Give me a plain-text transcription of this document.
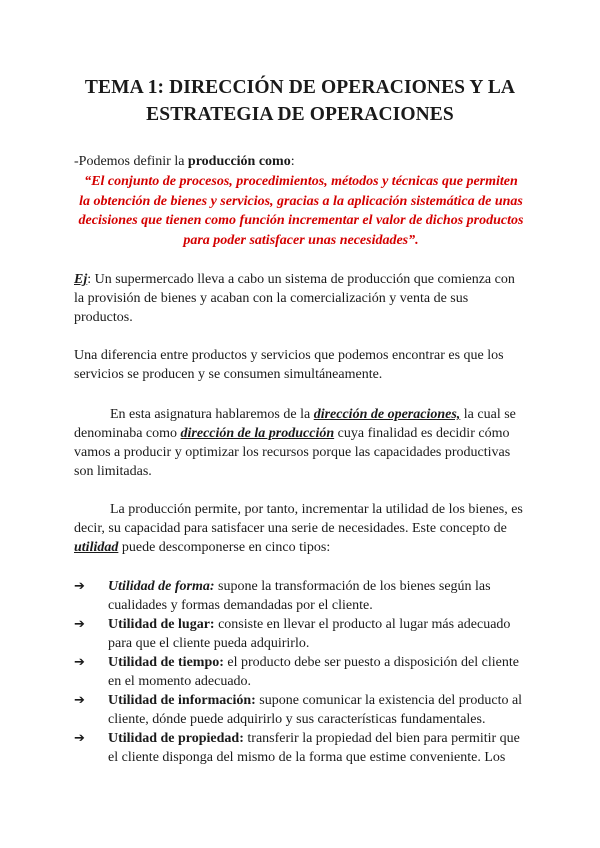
TEMA 1: DIRECCIÓN DE OPERACIONES Y LA
ESTRATEGIA DE OPERACIONES
-Podemos definir la producción como:
“El conjunto de procesos, procedimientos, métodos y técnicas que permiten
la obtención de bienes y servicios, gracias a la aplicación sistemática de unas
decisiones que tienen como función incrementar el valor de dichos productos
para poder satisfacer unas necesidades”.
Ej: Un supermercado lleva a cabo un sistema de producción que comienza con
la provisión de bienes y acaban con la comercialización y venta de sus
productos.
Una diferencia entre productos y servicios que podemos encontrar es que los
servicios se producen y se consumen simultáneamente.
En esta asignatura hablaremos de la dirección de operaciones, la cual se
denominaba como dirección de la producción cuya finalidad es decidir cómo
vamos a producir y optimizar los recursos porque las capacidades productivas
son limitadas.
La producción permite, por tanto, incrementar la utilidad de los bienes, es
decir, su capacidad para satisfacer una serie de necesidades. Este concepto de
utilidad puede descomponerse en cinco tipos:
➔ Utilidad de forma: supone la transformación de los bienes según las
cualidades y formas demandadas por el cliente.
➔ Utilidad de lugar: consiste en llevar el producto al lugar más adecuado
para que el cliente pueda adquirirlo.
➔ Utilidad de tiempo: el producto debe ser puesto a disposición del cliente
en el momento adecuado.
➔ Utilidad de información: supone comunicar la existencia del producto al
cliente, dónde puede adquirirlo y sus características fundamentales.
➔ Utilidad de propiedad: transferir la propiedad del bien para permitir que
el cliente disponga del mismo de la forma que estime conveniente. Los
